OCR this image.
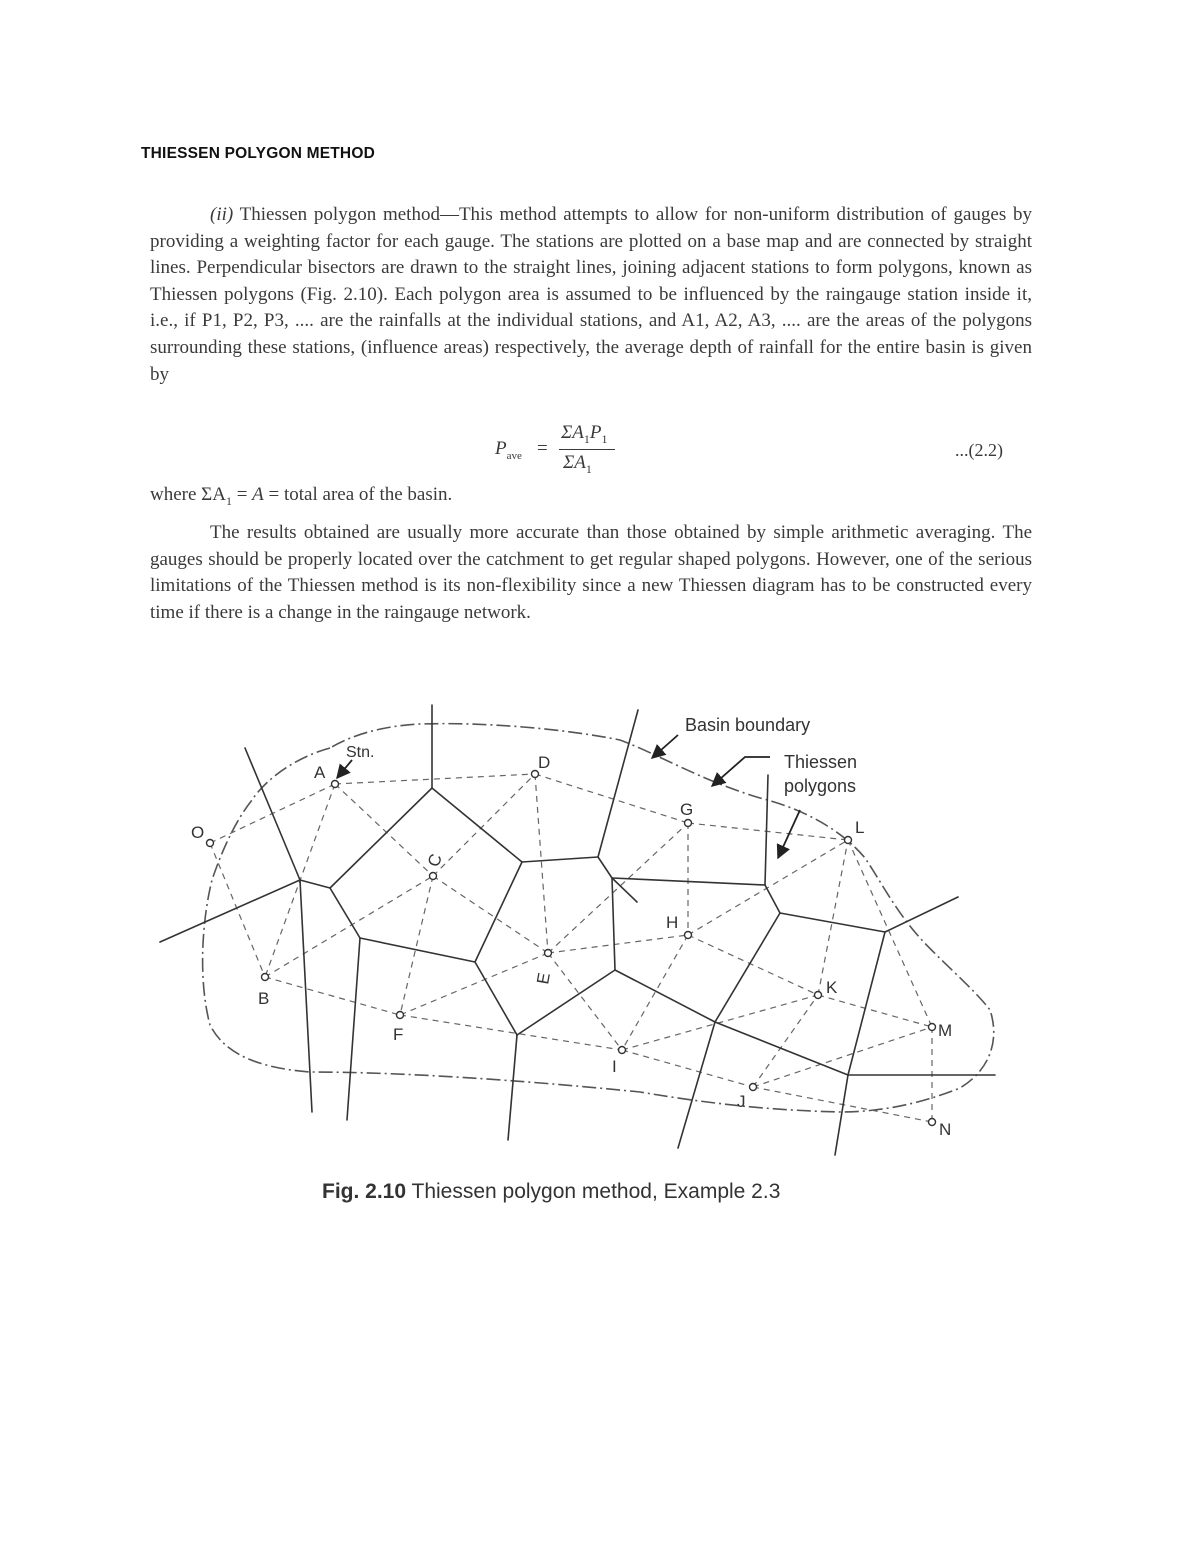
THIESSEN POLYGON METHOD

(ii) Thiessen polygon method—This method attempts to allow for non-uniform distribution of gauges by providing a weighting factor for each gauge. The stations are plotted on a base map and are connected by straight lines. Perpendicular bisectors are drawn to the straight lines, joining adjacent stations to form polygons, known as Thiessen polygons (Fig. 2.10). Each polygon area is assumed to be influenced by the raingauge station inside it, i.e., if P1, P2, P3, .... are the rainfalls at the individual stations, and A1, A2, A3, .... are the areas of the polygons surrounding these stations, (influence areas) respectively, the average depth of rainfall for the entire basin is given by

$P_{ave}$ =
$\Sigma A_1P_1$
$\Sigma A_1$
...(2.2)
where $\Sigma A_1 = A$ = total area of the basin.

The results obtained are usually more accurate than those obtained by simple arithmetic averaging. The gauges should be properly located over the catchment to get regular shaped polygons. However, one of the serious limitations of the Thiessen method is its non-flexibility since a new Thiessen diagram has to be constructed every time if there is a change in the raingauge network.

A
B
C
D
E
F
G
H
I
J
K
L
M
N
O
Basin boundary
Thiessen
polygons
Stn.
Fig. 2.10 Thiessen polygon method, Example 2.3
